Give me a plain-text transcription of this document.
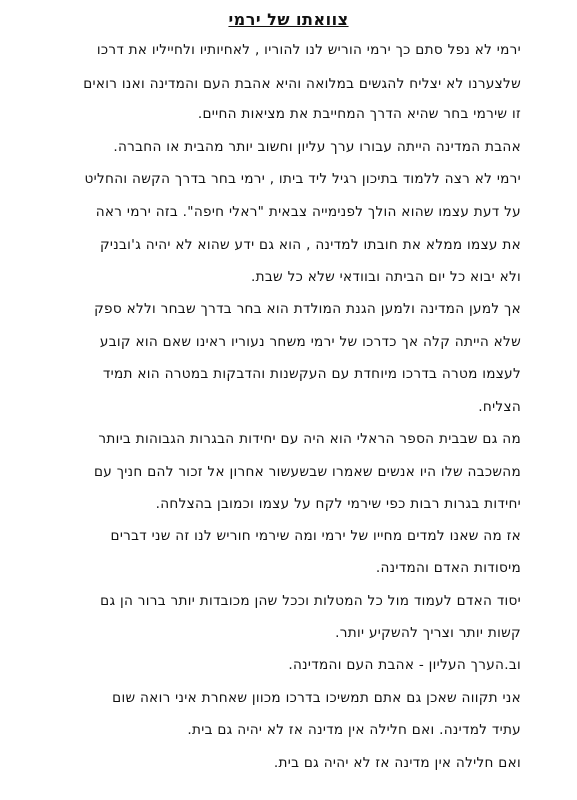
צוואתו של ירמי
ירמי לא נפל סתם כך ירמי הוריש לנו להוריו , לאחיותיו ולחייליו את דרכו
שלצערנו לא יצליח להגשים במלואה והיא אהבת העם והמדינה ואנו רואים
זו שירמי בחר שהיא הדרך המחייבת את מציאות החיים.
אהבת המדינה הייתה עבורו ערך עליון וחשוב יותר מהבית או החברה.
ירמי לא רצה ללמוד בתיכון רגיל ליד ביתו , ירמי בחר בדרך הקשה והחליט
על דעת עצמו שהוא הולך לפנימייה צבאית "ראלי חיפה". בזה ירמי ראה
את עצמו ממלא את חובתו למדינה , הוא גם ידע שהוא לא יהיה ג'ובניק
ולא יבוא כל יום הביתה ובוודאי שלא כל שבת.
אך למען המדינה ולמען הגנת המולדת הוא בחר בדרך שבחר וללא ספק
שלא הייתה קלה אך כדרכו של ירמי משחר נעוריו ראינו שאם הוא קובע
לעצמו מטרה בדרכו מיוחדת עם העקשנות והדבקות במטרה הוא תמיד
הצליח.
מה גם שבבית הספר הראלי הוא היה עם יחידות הבגרות הגבוהות ביותר
מהשכבה שלו היו אנשים שאמרו שבשעשור אחרון אל זכור להם חניך עם
יחידות בגרות רבות כפי שירמי לקח על עצמו וכמובן בהצלחה.
אז מה שאנו למדים מחייו של ירמי ומה שירמי חוריש לנו זה שני דברים
מיסודות האדם והמדינה.
יסוד האדם לעמוד מול כל המטלות וככל שהן מכובדות יותר ברור הן גם
קשות יותר וצריך להשקיע יותר.
וב.הערך העליון - אהבת העם והמדינה.
אני תקווה שאכן גם אתם תמשיכו בדרכו מכוון שאחרת איני רואה שום
עתיד למדינה. ואם חלילה אין מדינה אז לא יהיה גם בית.
ואם חלילה אין מדינה אז לא יהיה גם בית.
